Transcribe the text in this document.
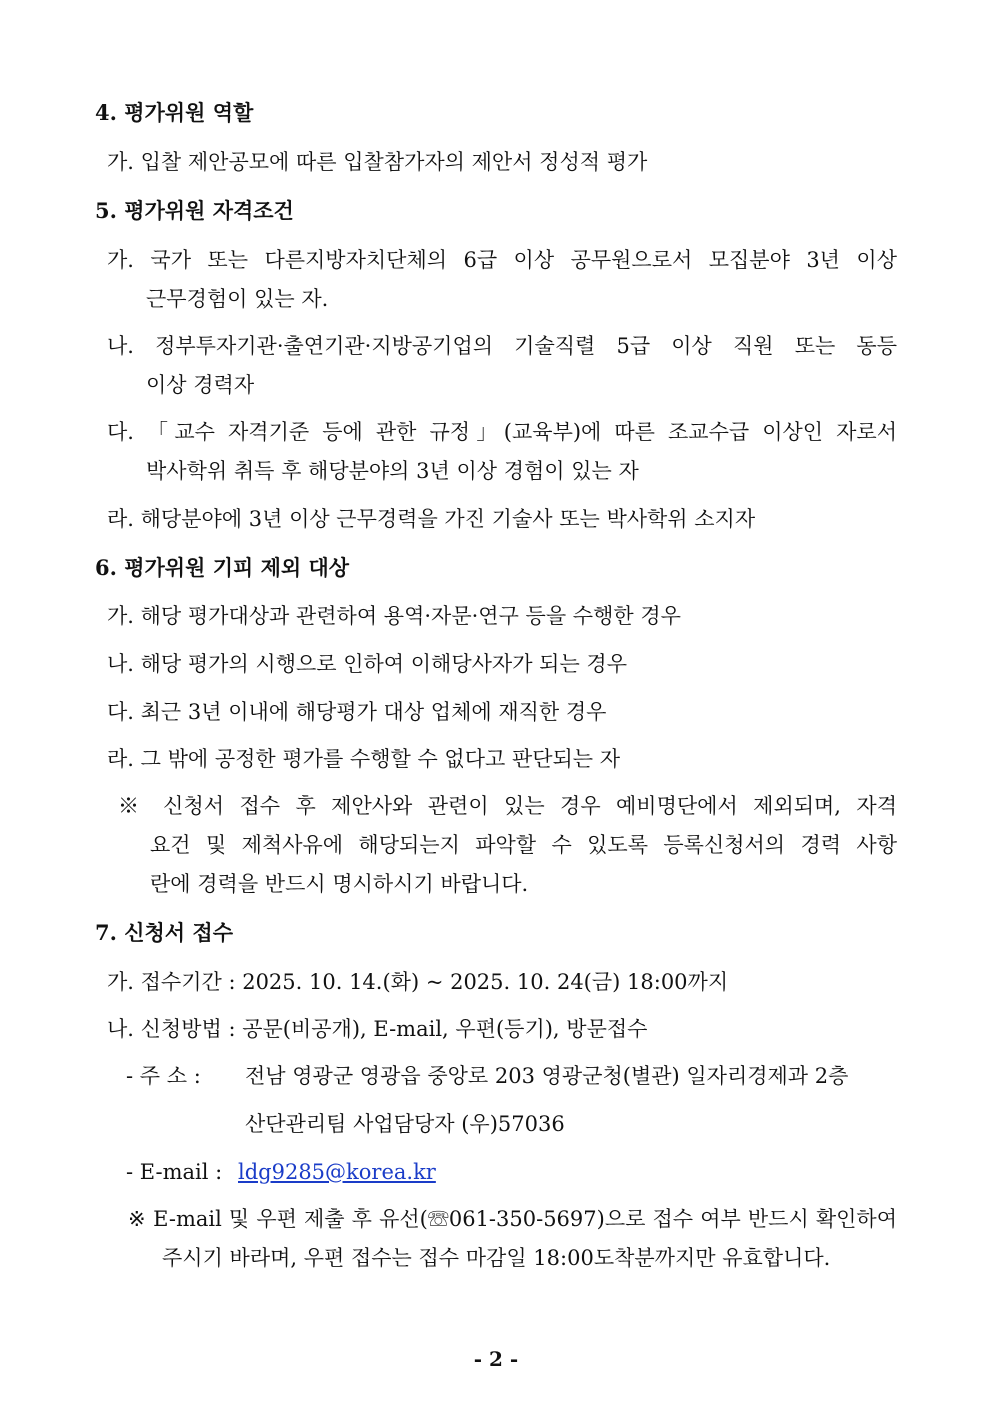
4. 평가위원 역할
가. 입찰 제안공모에 따른 입찰참가자의 제안서 정성적 평가
5. 평가위원 자격조건
가. 국가 또는 다른지방자치단체의 6급 이상 공무원으로서 모집분야 3년 이상
근무경험이 있는 자.
나. 정부투자기관·출연기관·지방공기업의 기술직렬 5급 이상 직원 또는 동등
이상 경력자
다. 「교수 자격기준 등에 관한 규정」(교육부)에 따른 조교수급 이상인 자로서
박사학위 취득 후 해당분야의 3년 이상 경험이 있는 자
라. 해당분야에 3년 이상 근무경력을 가진 기술사 또는 박사학위 소지자
6. 평가위원 기피 제외 대상
가. 해당 평가대상과 관련하여 용역·자문·연구 등을 수행한 경우
나. 해당 평가의 시행으로 인하여 이해당사자가 되는 경우
다. 최근 3년 이내에 해당평가 대상 업체에 재직한 경우
라. 그 밖에 공정한 평가를 수행할 수 없다고 판단되는 자
※ 신청서 접수 후 제안사와 관련이 있는 경우 예비명단에서 제외되며, 자격
요건 및 제척사유에 해당되는지 파악할 수 있도록 등록신청서의 경력 사항
란에 경력을 반드시 명시하시기 바랍니다.
7. 신청서 접수
가. 접수기간 : 2025. 10. 14.(화) ~ 2025. 10. 24(금) 18:00까지
나. 신청방법 : 공문(비공개), E-mail, 우편(등기), 방문접수
- 주 소 : 전남 영광군 영광읍 중앙로 203 영광군청(별관) 일자리경제과 2층
산단관리팀 사업담당자 (우)57036
- E-mail : ldg9285@korea.kr
※ E-mail 및 우편 제출 후 유선(☏061-350-5697)으로 접수 여부 반드시 확인하여
주시기 바라며, 우편 접수는 접수 마감일 18:00도착분까지만 유효합니다.
- 2 -
